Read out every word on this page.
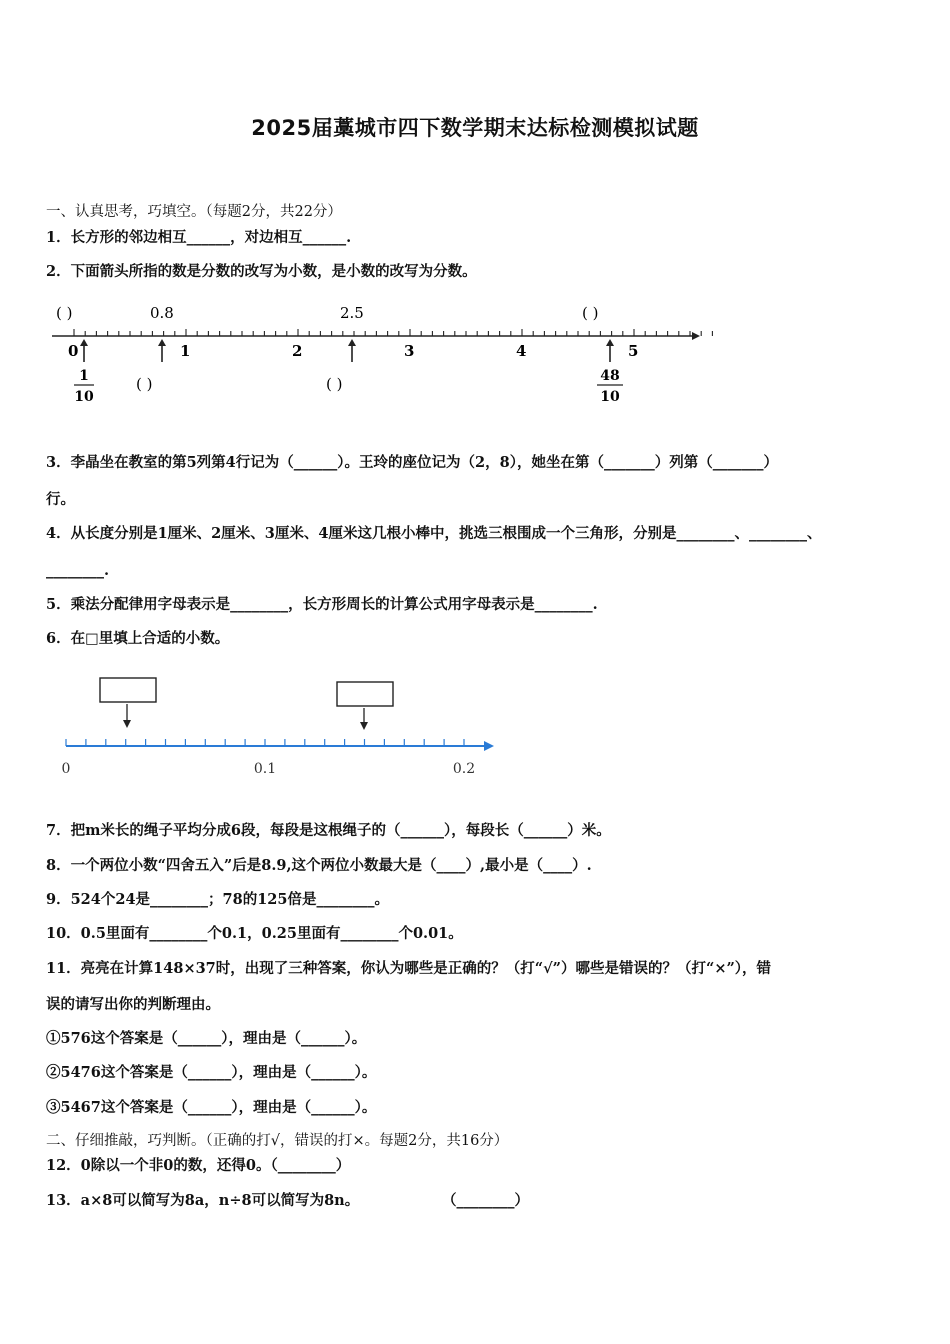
2025届藁城市四下数学期末达标检测模拟试题
一、认真思考，巧填空。（每题2分，共22分）
1．长方形的邻边相互______，对边相互______.
2．下面箭头所指的数是分数的改写为小数，是小数的改写为分数。
( )	0.8	2.5	( )
0	1	2	3	4	5
1
10
( )	( )	48
10
3．李晶坐在教室的第5列第4行记为（______）。王玲的座位记为（2，8），她坐在第（_______）列第（_______）
行。
4．从长度分别是1厘米、2厘米、3厘米、4厘米这几根小棒中，挑选三根围成一个三角形，分别是________、________、
________.
5．乘法分配律用字母表示是________，长方形周长的计算公式用字母表示是________.
6．在□里填上合适的小数。
0	0.1	0.2
7．把m米长的绳子平均分成6段，每段是这根绳子的（______），每段长（______）米。
8．一个两位小数“四舍五入”后是8.9,这个两位小数最大是（____）,最小是（____）.
9．524个24是________；78的125倍是________。
10．0.5里面有________个0.1，0.25里面有________个0.01。
11．亮亮在计算148×37时，出现了三种答案，你认为哪些是正确的？（打“√”）哪些是错误的？（打“×”），错
误的请写出你的判断理由。
①576这个答案是（______），理由是（______）。
②5476这个答案是（______），理由是（______）。
③5467这个答案是（______），理由是（______）。
二、仔细推敲，巧判断。（正确的打√，错误的打×。每题2分，共16分）
12．0除以一个非0的数，还得0。（________）
13．a×8可以简写为8a，n÷8可以简写为8n。	（________）
